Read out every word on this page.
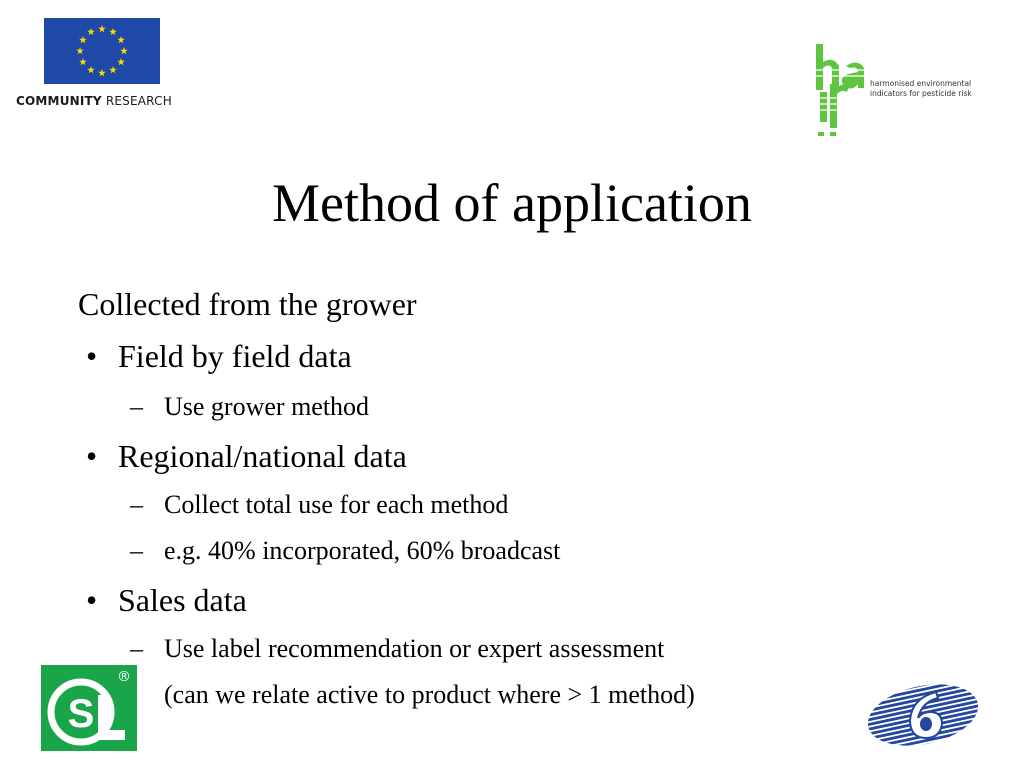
COMMUNITY RESEARCH
harmonised environmental
indicators for pesticide risk
Method of application
Collected from the grower
• Field by field data
– Use grower method
• Regional/national data
– Collect total use for each method
– e.g. 40% incorporated, 60% broadcast
• Sales data
– Use label recommendation or expert assessment
(can we relate active to product where > 1 method)
S
®
